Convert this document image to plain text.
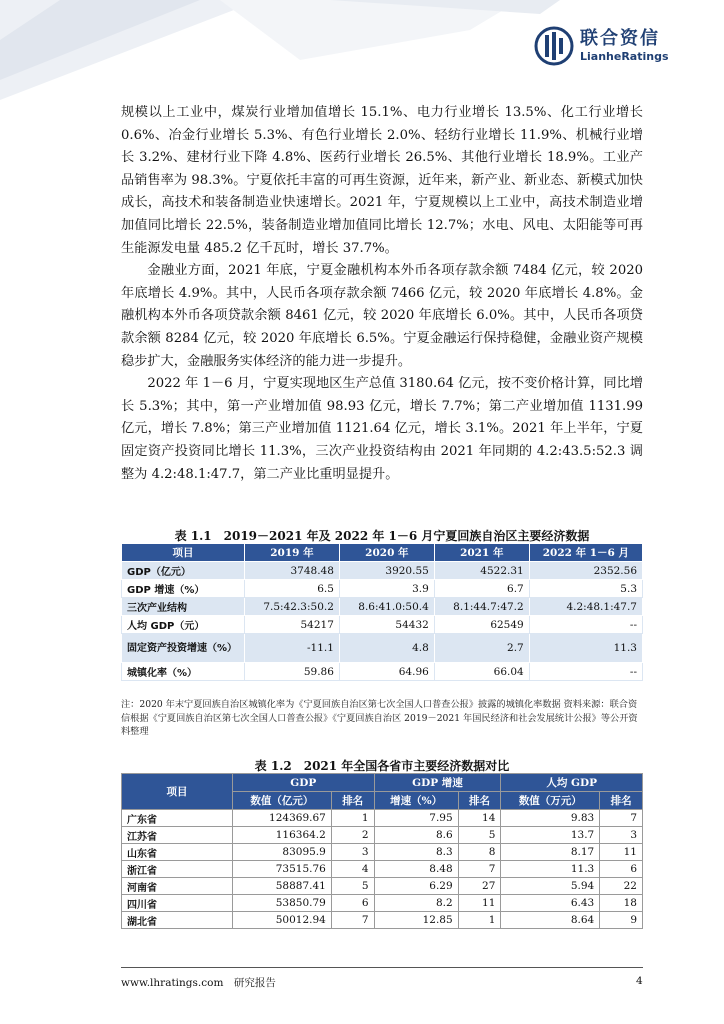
联合资信
LianheRatings

规模以上工业中，煤炭行业增加值增长 15.1%、电力行业增长 13.5%、化工行业增长 0.6%、冶金行业增长 5.3%、有色行业增长 2.0%、轻纺行业增长 11.9%、机械行业增长 3.2%、建材行业下降 4.8%、医药行业增长 26.5%、其他行业增长 18.9%。工业产品销售率为 98.3%。宁夏依托丰富的可再生资源，近年来，新产业、新业态、新模式加快成长，高技术和装备制造业快速增长。2021 年，宁夏规模以上工业中，高技术制造业增加值同比增长 22.5%，装备制造业增加值同比增长 12.7%；水电、风电、太阳能等可再生能源发电量 485.2 亿千瓦时，增长 37.7%。

金融业方面，2021 年底，宁夏金融机构本外币各项存款余额 7484 亿元，较 2020 年底增长 4.9%。其中，人民币各项存款余额 7466 亿元，较 2020 年底增长 4.8%。金融机构本外币各项贷款余额 8461 亿元，较 2020 年底增长 6.0%。其中，人民币各项贷款余额 8284 亿元，较 2020 年底增长 6.5%。宁夏金融运行保持稳健，金融业资产规模稳步扩大，金融服务实体经济的能力进一步提升。

2022 年 1－6 月，宁夏实现地区生产总值 3180.64 亿元，按不变价格计算，同比增长 5.3%；其中，第一产业增加值 98.93 亿元，增长 7.7%；第二产业增加值 1131.99 亿元，增长 7.8%；第三产业增加值 1121.64 亿元，增长 3.1%。2021 年上半年，宁夏固定资产投资同比增长 11.3%，三次产业投资结构由 2021 年同期的 4.2:43.5:52.3 调整为 4.2:48.1:47.7，第二产业比重明显提升。

表 1.1　2019－2021 年及 2022 年 1－6 月宁夏回族自治区主要经济数据
项目	2019 年	2020 年	2021 年	2022 年 1－6 月
GDP（亿元）	3748.48	3920.55	4522.31	2352.56
GDP 增速（%）	6.5	3.9	6.7	5.3
三次产业结构	7.5:42.3:50.2	8.6:41.0:50.4	8.1:44.7:47.2	4.2:48.1:47.7
人均 GDP（元）	54217	54432	62549	--
固定资产投资增速（%）	-11.1	4.8	2.7	11.3
城镇化率（%）	59.86	64.96	66.04	--
注：2020 年末宁夏回族自治区城镇化率为《宁夏回族自治区第七次全国人口普查公报》披露的城镇化率数据 资料来源：联合资信根据《宁夏回族自治区第七次全国人口普查公报》《宁夏回族自治区 2019－2021 年国民经济和社会发展统计公报》等公开资料整理
表 1.2　2021 年全国各省市主要经济数据对比
项目	GDP		GDP 增速		人均 GDP	
	数值（亿元）	排名	增速（%）	排名	数值（万元）	排名
广东省	124369.67	1	7.95	14	9.83	7
江苏省	116364.2	2	8.6	5	13.7	3
山东省	83095.9	3	8.3	8	8.17	11
浙江省	73515.76	4	8.48	7	11.3	6
河南省	58887.41	5	6.29	27	5.94	22
四川省	53850.79	6	8.2	11	6.43	18
湖北省	50012.94	7	12.85	1	8.64	9
www.lhratings.com　研究报告	4
